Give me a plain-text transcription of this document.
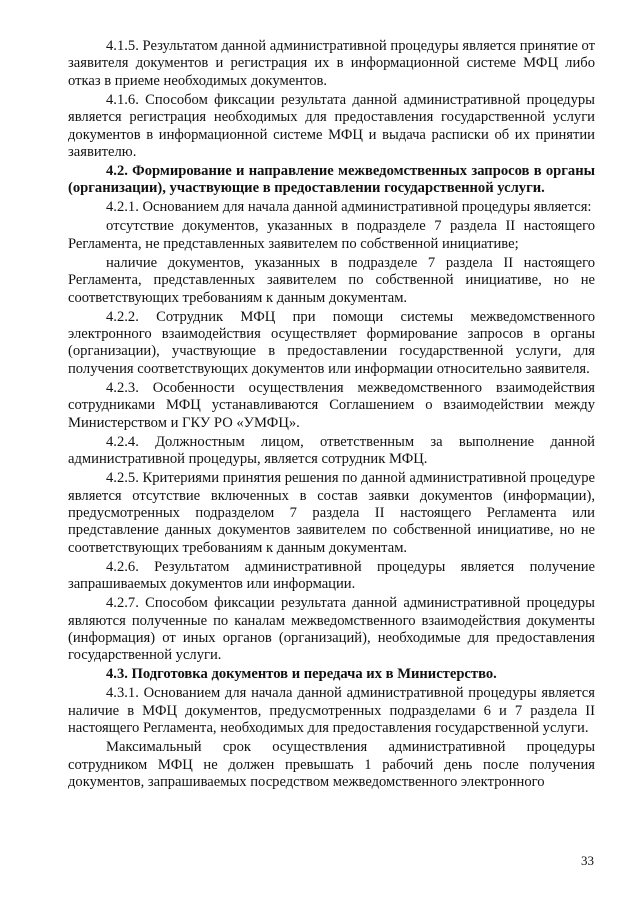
4.1.5. Результатом данной административной процедуры является принятие от заявителя документов и регистрация их в информационной системе МФЦ либо отказ в приеме необходимых документов.

4.1.6. Способом фиксации результата данной административной процедуры является регистрация необходимых для предоставления государственной услуги документов в информационной системе МФЦ и выдача расписки об их принятии заявителю.

4.2. Формирование и направление межведомственных запросов в органы (организации), участвующие в предоставлении государственной услуги.

4.2.1. Основанием для начала данной административной процедуры является:

отсутствие документов, указанных в подразделе 7 раздела II настоящего Регламента, не представленных заявителем по собственной инициативе;

наличие документов, указанных в подразделе 7 раздела II настоящего Регламента, представленных заявителем по собственной инициативе, но не соответствующих требованиям к данным документам.

4.2.2. Сотрудник МФЦ при помощи системы межведомственного электронного взаимодействия осуществляет формирование запросов в органы (организации), участвующие в предоставлении государственной услуги, для получения соответствующих документов или информации относительно заявителя.

4.2.3. Особенности осуществления межведомственного взаимодействия сотрудниками МФЦ устанавливаются Соглашением о взаимодействии между Министерством и ГКУ РО «УМФЦ».

4.2.4. Должностным лицом, ответственным за выполнение данной административной процедуры, является сотрудник МФЦ.

4.2.5. Критериями принятия решения по данной административной процедуре является отсутствие включенных в состав заявки документов (информации), предусмотренных подразделом 7 раздела II настоящего Регламента или представление данных документов заявителем по собственной инициативе, но не соответствующих требованиям к данным документам.

4.2.6. Результатом административной процедуры является получение запрашиваемых документов или информации.

4.2.7. Способом фиксации результата данной административной процедуры являются полученные по каналам межведомственного взаимодействия документы (информация) от иных органов (организаций), необходимые для предоставления государственной услуги.

4.3. Подготовка документов и передача их в Министерство.

4.3.1. Основанием для начала данной административной процедуры является наличие в МФЦ документов, предусмотренных подразделами 6 и 7 раздела II настоящего Регламента, необходимых для предоставления государственной услуги.

Максимальный срок осуществления административной процедуры сотрудником МФЦ не должен превышать 1 рабочий день после получения документов, запрашиваемых посредством межведомственного электронного

33
